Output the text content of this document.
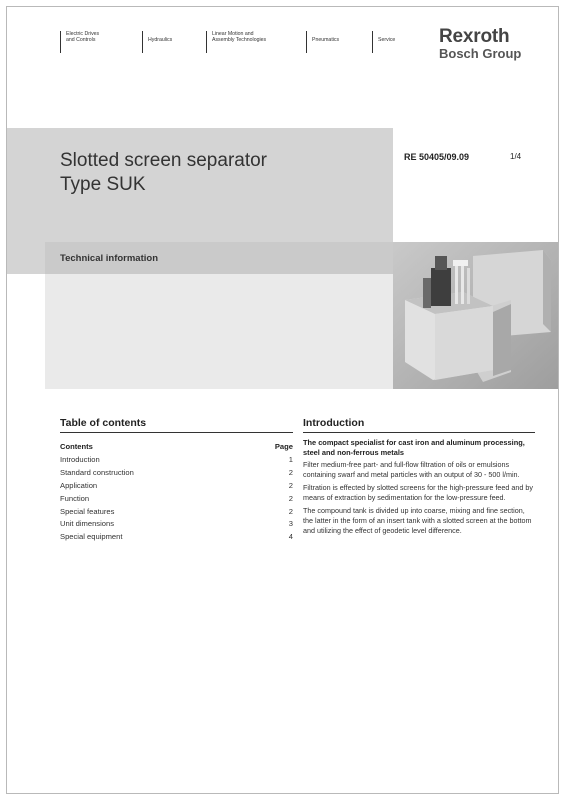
Electric Drives
and Controls	Hydraulics
Linear Motion and
Assembly Technologies	Pneumatics	Service Rexroth
Bosch Group
Slotted screen separator
Type SUK
RE 50405/09.09	1/4
Technical information
Table of contents
Contents	Page
Introduction	1
Standard construction	2
Application	2
Function	2
Special features	2
Unit dimensions	3
Special equipment	4
Introduction
The compact specialist for cast iron and aluminum processing, steel and non-ferrous metals

Filter medium-free part- and full-flow filtration of oils or emulsions containing swarf and metal particles with an output of 30 - 500 l/min.

Filtration is effected by slotted screens for the high-pressure feed and by means of extraction by sedimentation for the low-pressure feed.

The compound tank is divided up into coarse, mixing and fine section, the latter in the form of an insert tank with a slotted screen at the bottom and utilizing the effect of geodetic level difference.
